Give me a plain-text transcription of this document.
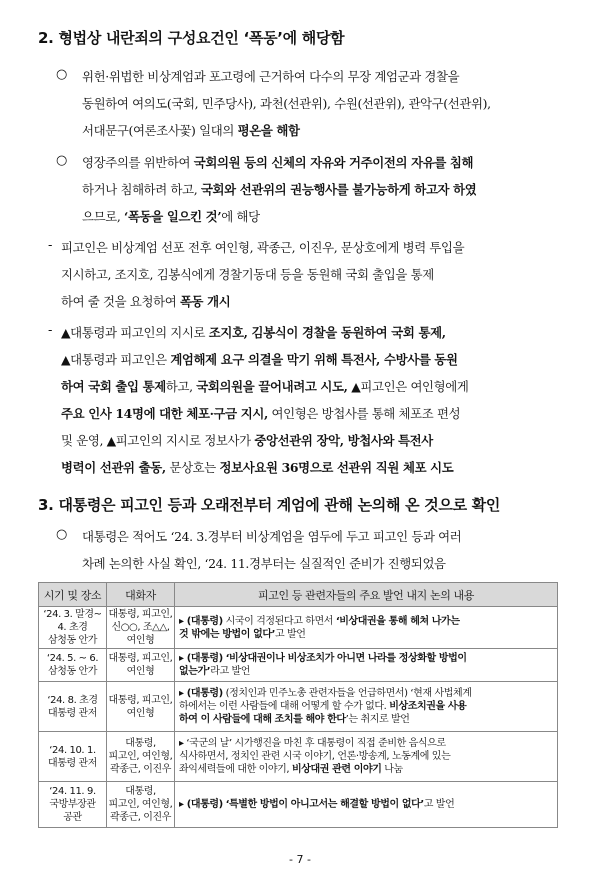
2. 형법상 내란죄의 구성요건인 ‘폭동’에 해당함
○ 위헌·위법한 비상계엄과 포고령에 근거하여 다수의 무장 계엄군과 경찰을
동원하여 여의도(국회, 민주당사), 과천(선관위), 수원(선관위), 관악구(선관위),
서대문구(여론조사꽃) 일대의 평온을 해함
○ 영장주의를 위반하여 국회의원 등의 신체의 자유와 거주이전의 자유를 침해
하거나 침해하려 하고, 국회와 선관위의 권능행사를 불가능하게 하고자 하였
으므로, ‘폭동을 일으킨 것’에 해당
- 피고인은 비상계엄 선포 전후 여인형, 곽종근, 이진우, 문상호에게 병력 투입을
지시하고, 조지호, 김봉식에게 경찰기동대 등을 동원해 국회 출입을 통제
하여 줄 것을 요청하여 폭동 개시
- ▲대통령과 피고인의 지시로 조지호, 김봉식이 경찰을 동원하여 국회 통제,
▲대통령과 피고인은 계엄해제 요구 의결을 막기 위해 특전사, 수방사를 동원
하여 국회 출입 통제하고, 국회의원을 끌어내려고 시도, ▲피고인은 여인형에게
주요 인사 14명에 대한 체포·구금 지시, 여인형은 방첩사를 통해 체포조 편성
및 운영, ▲피고인의 지시로 정보사가 중앙선관위 장악, 방첩사와 특전사
병력이 선관위 출동, 문상호는 정보사요원 36명으로 선관위 직원 체포 시도
3. 대통령은 피고인 등과 오래전부터 계엄에 관해 논의해 온 것으로 확인
○ 대통령은 적어도 ‘24. 3.경부터 비상계엄을 염두에 두고 피고인 등과 여러
차례 논의한 사실 확인, ‘24. 11.경부터는 실질적인 준비가 진행되었음
시기 및 장소	대화자	피고인 등 관련자들의 주요 발언 내지 논의 내용
‘24. 3. 말경~
4. 초경
삼청동 안가	대통령, 피고인,
신○○, 조△△,
여인형	▸ (대통령) 시국이 걱정된다고 하면서 ‘비상대권을 통해 헤쳐 나가는
것 밖에는 방법이 없다’고 발언
‘24. 5. ~ 6.
삼청동 안가	대통령, 피고인,
여인형	▸ (대통령) ‘비상대권이나 비상조치가 아니면 나라를 정상화할 방법이
없는가’라고 발언
‘24. 8. 초경
대통령 관저	대통령, 피고인,
여인형	▸ (대통령) (정치인과 민주노총 관련자들을 언급하면서) ‘현재 사법체계
하에서는 이런 사람들에 대해 어떻게 할 수가 없다. 비상조치권을 사용
하여 이 사람들에 대해 조치를 해야 한다’는 취지로 발언
‘24. 10. 1.
대통령 관저	대통령,
피고인, 여인형,
곽종근, 이진우	▸ ‘국군의 날’ 시가행진을 마친 후 대통령이 직접 준비한 음식으로
식사하면서, 정치인 관련 시국 이야기, 언론·방송계, 노동계에 있는
좌익세력들에 대한 이야기, 비상대권 관련 이야기 나눔
‘24. 11. 9.
국방부장관
공관	대통령,
피고인, 여인형,
곽종근, 이진우	▸ (대통령) ‘특별한 방법이 아니고서는 해결할 방법이 없다’고 발언
- 7 -
